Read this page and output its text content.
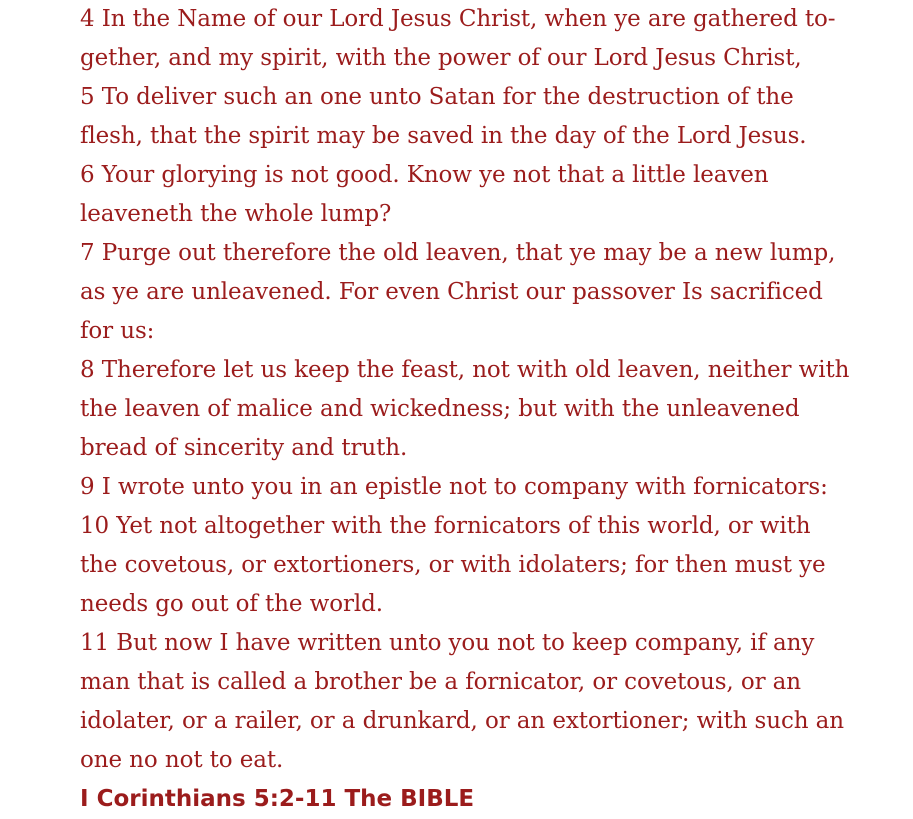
4 In the Name of our Lord Jesus Christ, when ye are gathered to-
gether, and my spirit, with the power of our Lord Jesus Christ,
5 To deliver such an one unto Satan for the destruction of the
flesh, that the spirit may be saved in the day of the Lord Jesus.
6 Your glorying is not good. Know ye not that a little leaven
leaveneth the whole lump?
7 Purge out therefore the old leaven, that ye may be a new lump,
as ye are unleavened. For even Christ our passover Is sacrificed
for us:
8 Therefore let us keep the feast, not with old leaven, neither with
the leaven of malice and wickedness; but with the unleavened
bread of sincerity and truth.
9 I wrote unto you in an epistle not to company with fornicators:
10 Yet not altogether with the fornicators of this world, or with
the covetous, or extortioners, or with idolaters; for then must ye
needs go out of the world.
11 But now I have written unto you not to keep company, if any
man that is called a brother be a fornicator, or covetous, or an
idolater, or a railer, or a drunkard, or an extortioner; with such an
one no not to eat.
I Corinthians 5:2-11 The BIBLE
